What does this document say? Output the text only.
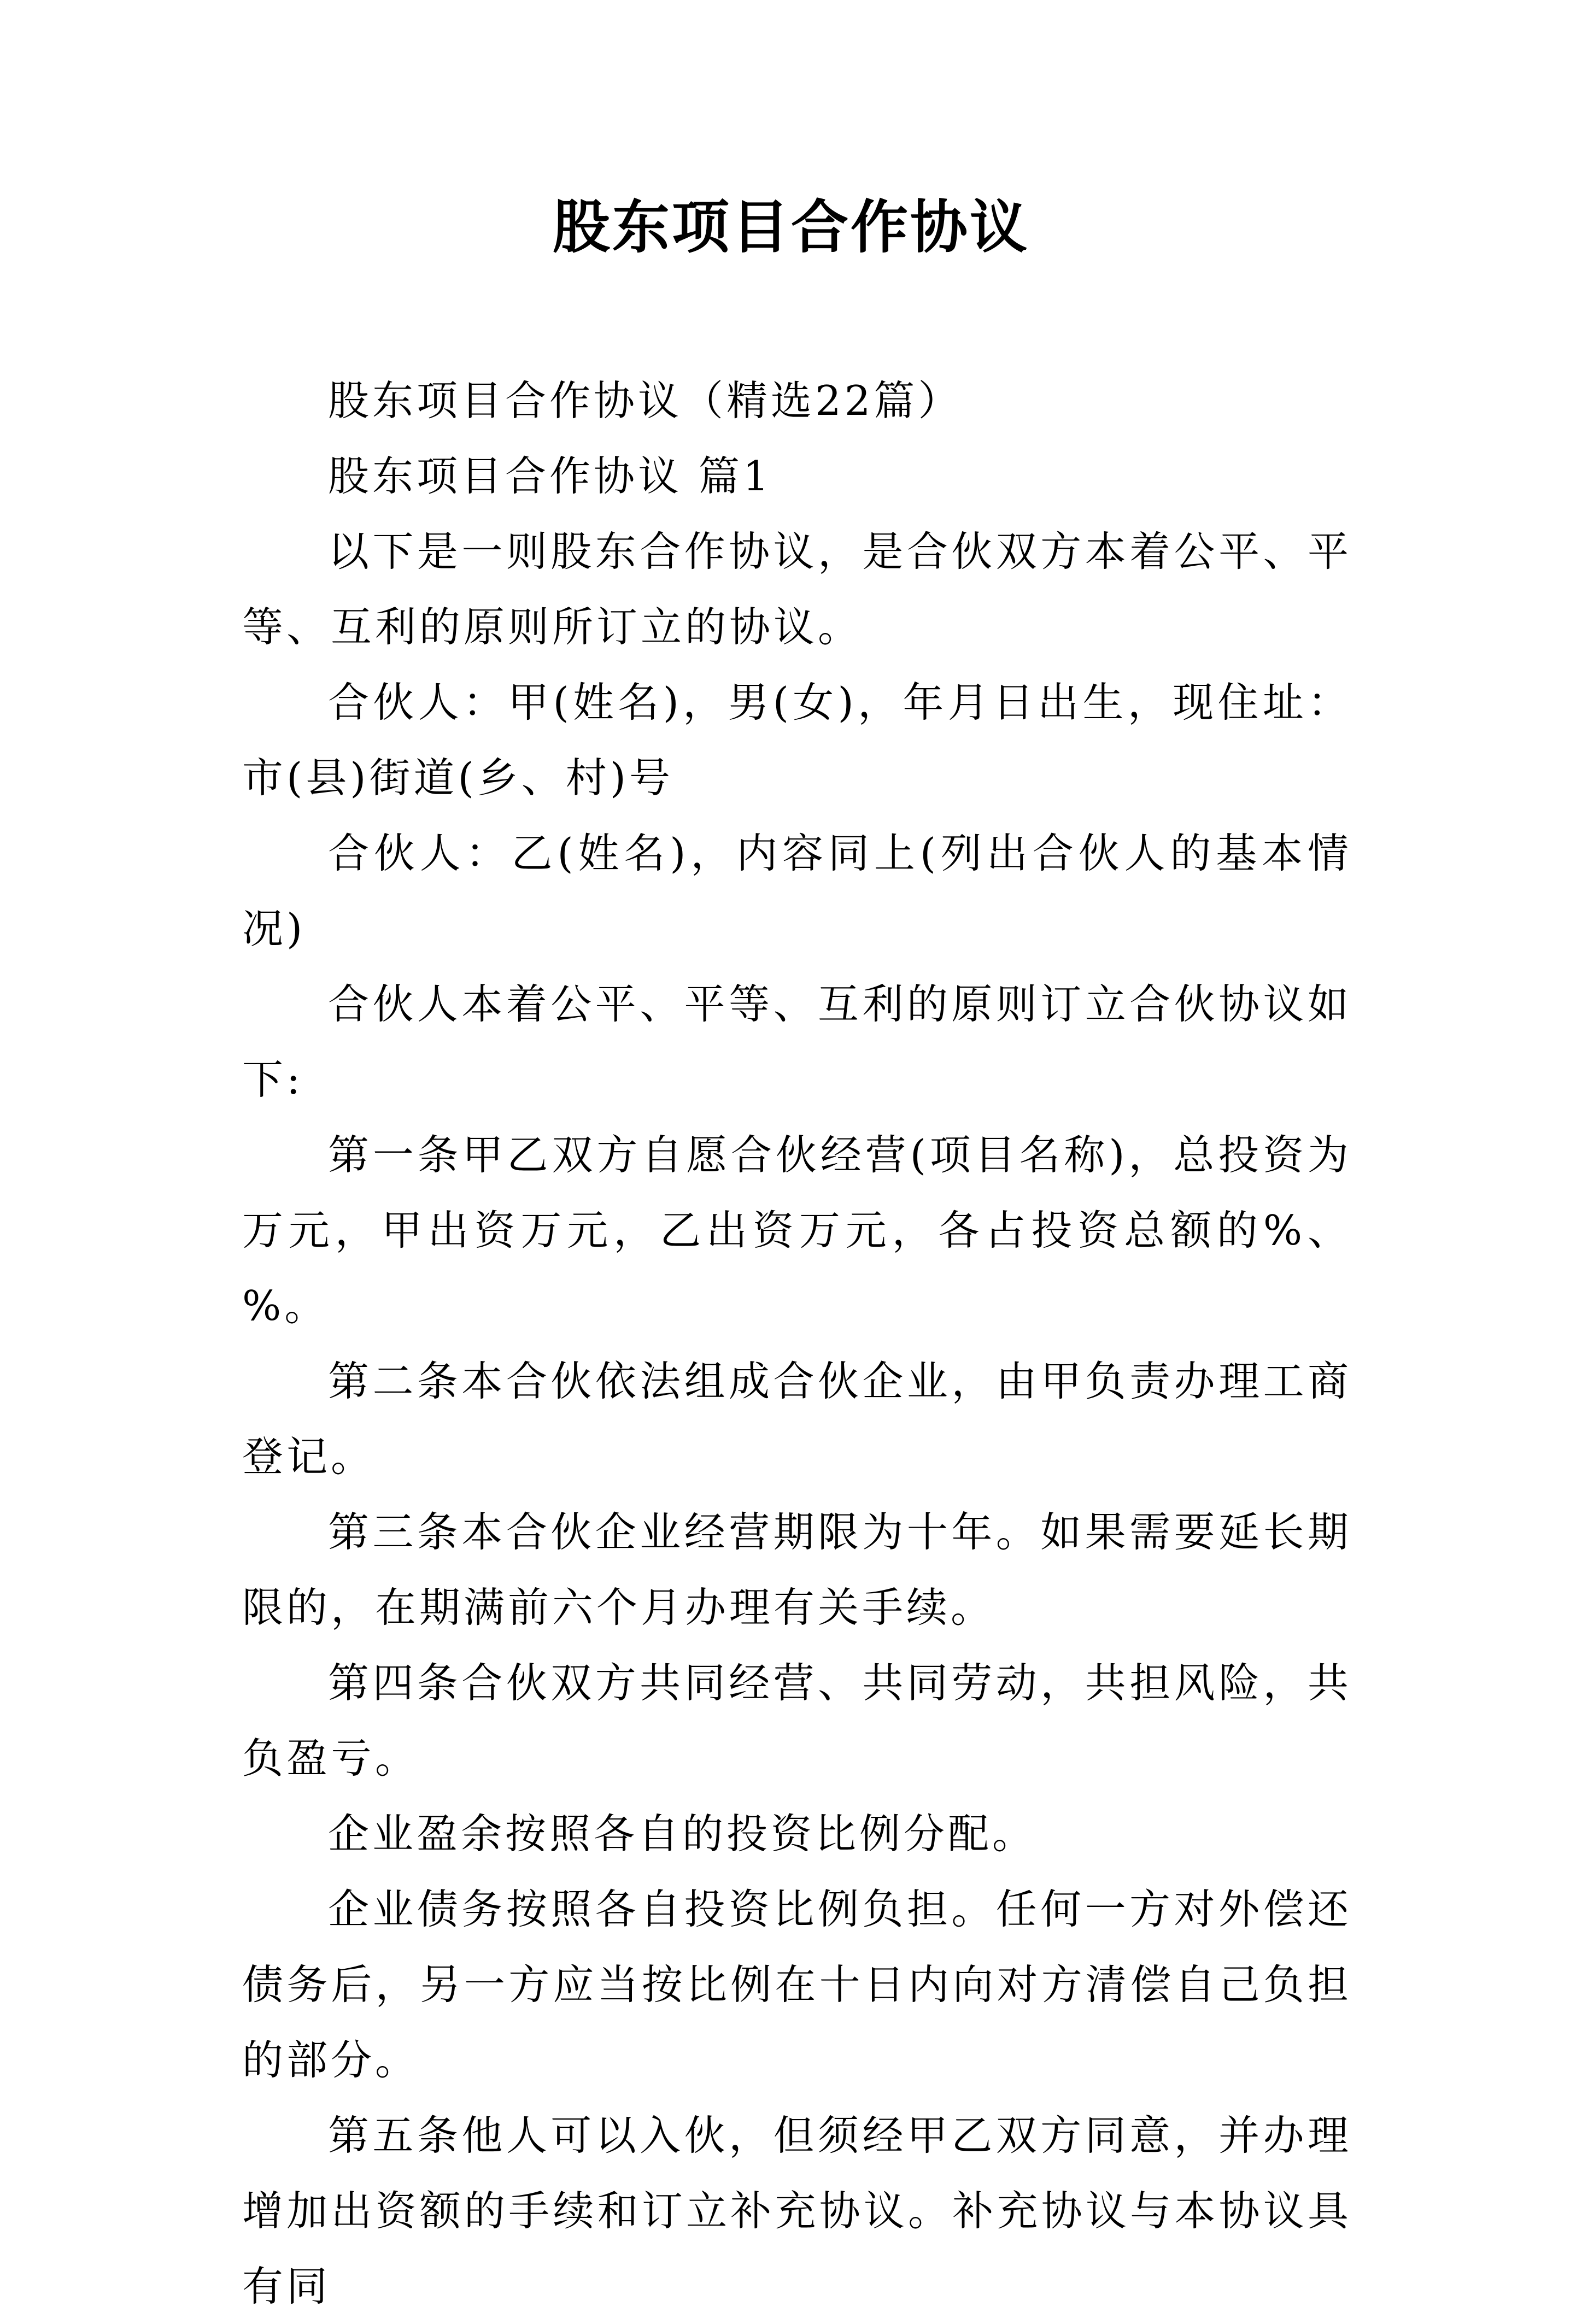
股东项目合作协议

股东项目合作协议（精选22篇）

股东项目合作协议 篇1

以下是一则股东合作协议，是合伙双方本着公平、平等、互利的原则所订立的协议。

合伙人：甲(姓名)，男(女)，年月日出生，现住址：市(县)街道(乡、村)号

合伙人：乙(姓名)，内容同上(列出合伙人的基本情况)

合伙人本着公平、平等、互利的原则订立合伙协议如下:

第一条甲乙双方自愿合伙经营(项目名称)，总投资为万元，甲出资万元，乙出资万元，各占投资总额的%、%。

第二条本合伙依法组成合伙企业，由甲负责办理工商登记。

第三条本合伙企业经营期限为十年。如果需要延长期限的，在期满前六个月办理有关手续。

第四条合伙双方共同经营、共同劳动，共担风险，共负盈亏。

企业盈余按照各自的投资比例分配。

企业债务按照各自投资比例负担。任何一方对外偿还债务后，另一方应当按比例在十日内向对方清偿自己负担的部分。

第五条他人可以入伙，但须经甲乙双方同意，并办理增加出资额的手续和订立补充协议。补充协议与本协议具有同
